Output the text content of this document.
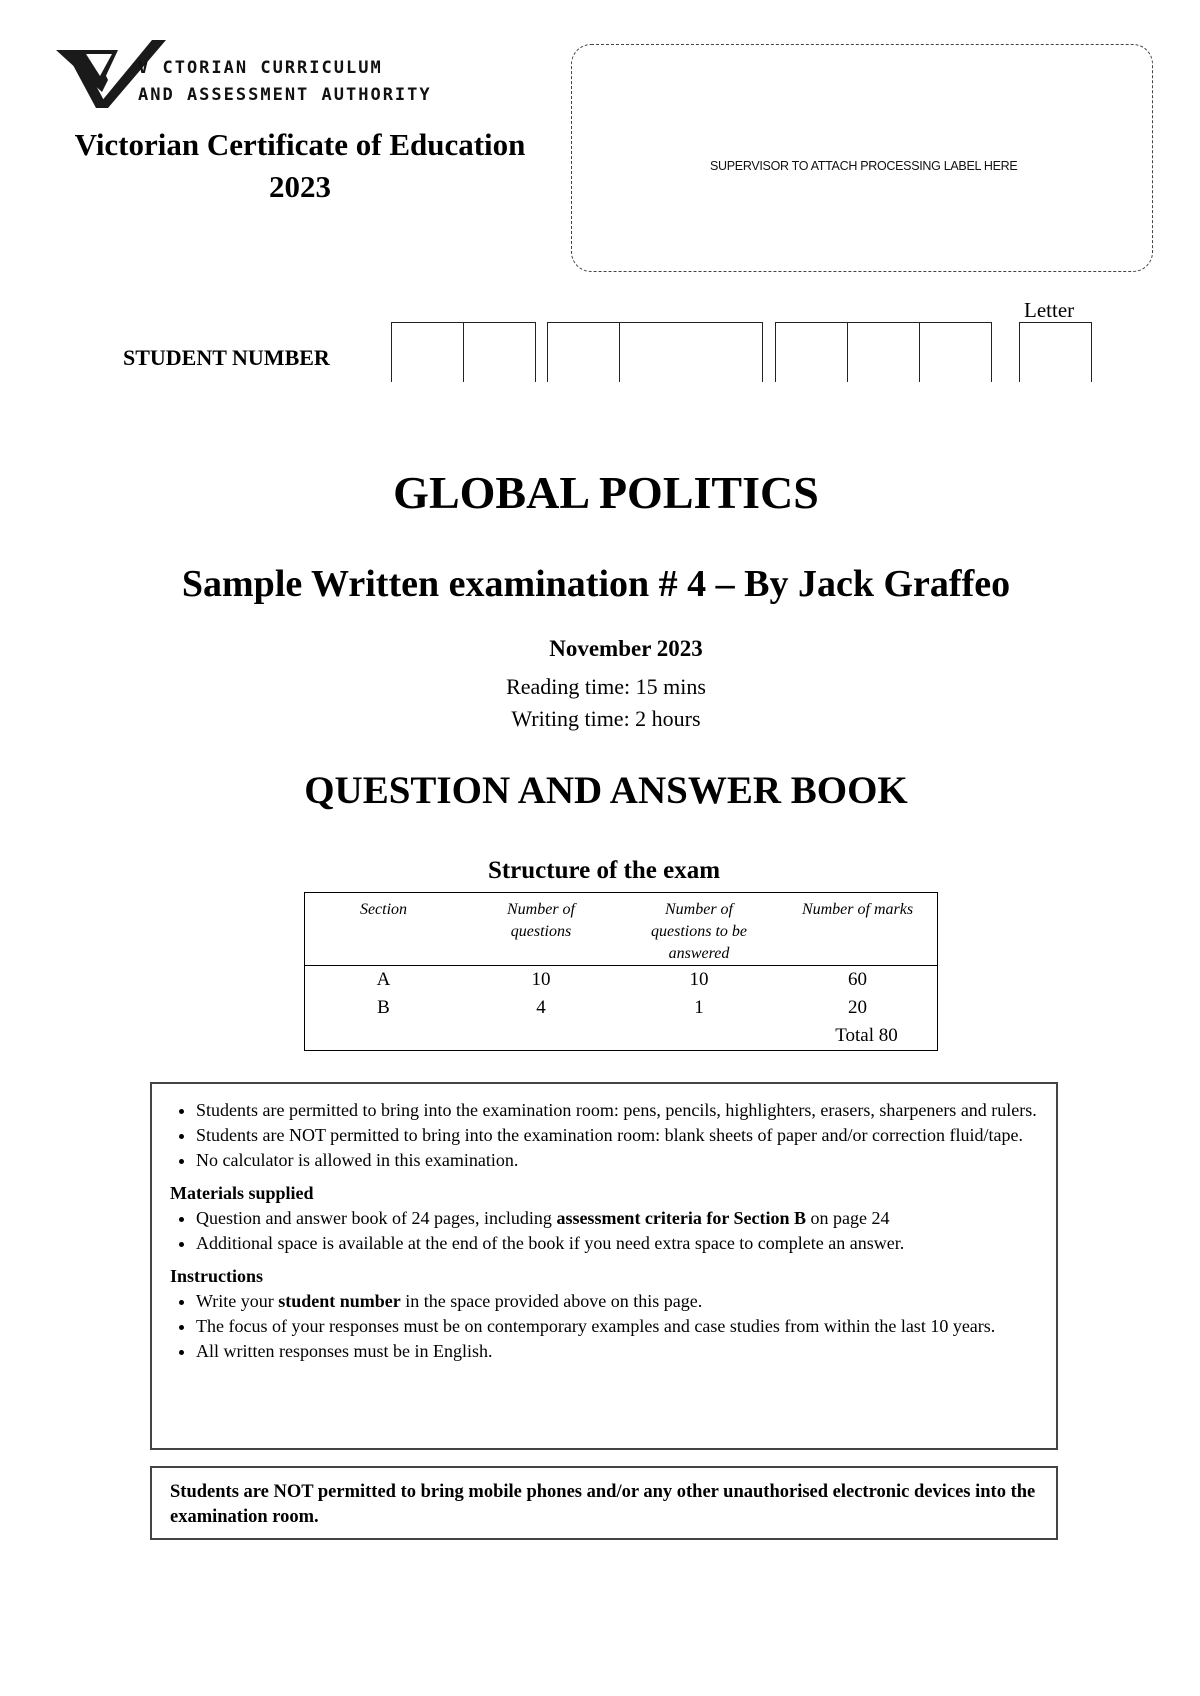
V CTORIAN CURRICULUM
AND ASSESSMENT AUTHORITY
Victorian Certificate of Education
2023
SUPERVISOR TO ATTACH PROCESSING LABEL HERE
STUDENT NUMBER
Letter
GLOBAL POLITICS
Sample Written examination # 4 – By Jack Graffeo
November 2023
Reading time: 15 mins
Writing time: 2 hours
QUESTION AND ANSWER BOOK
Structure of the exam
Section	Number of questions	Number of questions to be answered	Number of marks
A	10	10	60
B	4	1	20
			Total 80
• Students are permitted to bring into the examination room: pens, pencils, highlighters, erasers, sharpeners and rulers.
• Students are NOT permitted to bring into the examination room: blank sheets of paper and/or correction fluid/tape.
• No calculator is allowed in this examination.
Materials supplied
• Question and answer book of 24 pages, including assessment criteria for Section B on page 24
• Additional space is available at the end of the book if you need extra space to complete an answer.
Instructions
• Write your student number in the space provided above on this page.
• The focus of your responses must be on contemporary examples and case studies from within the last 10 years.
• All written responses must be in English.
Students are NOT permitted to bring mobile phones and/or any other unauthorised electronic devices into the examination room.
